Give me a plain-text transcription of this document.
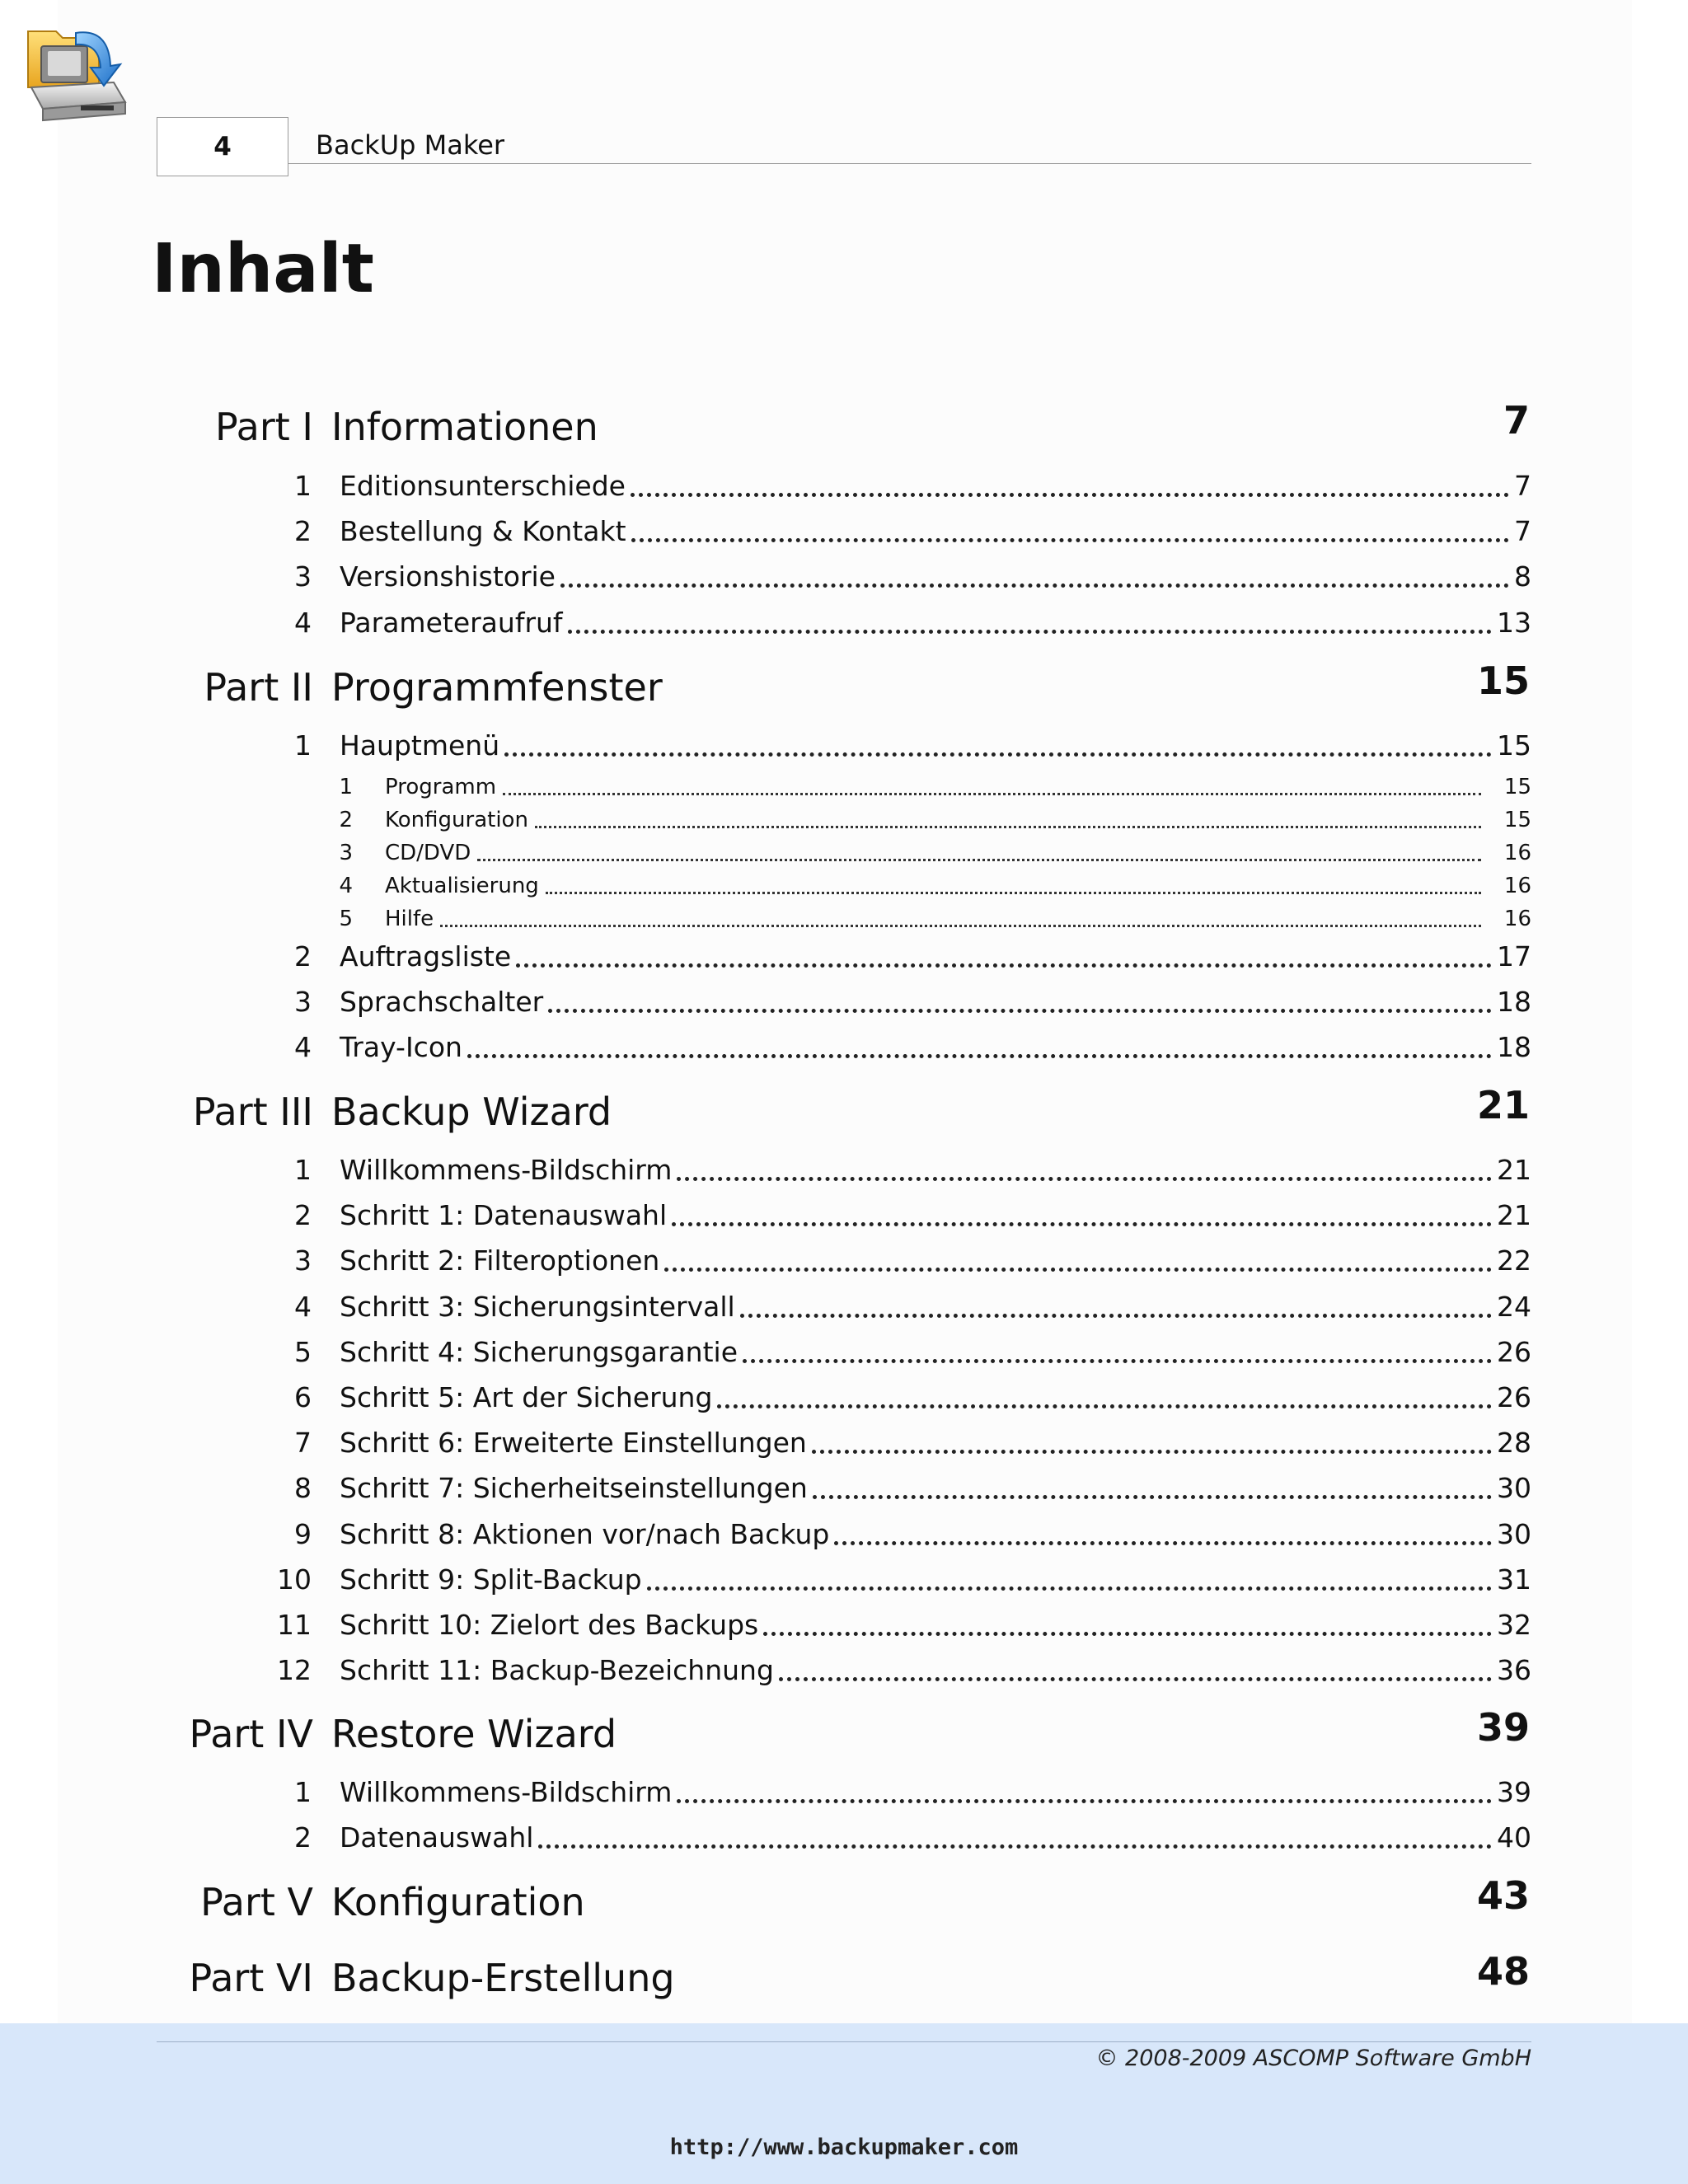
4	BackUp Maker
Inhalt
Part I Informationen	7
1 Editionsunterschiede	7
2 Bestellung & Kontakt	7
3 Versionshistorie	8
4 Parameteraufruf	13
Part II Programmfenster	15
1 Hauptmenü	15
1 Programm	15
2 Konfiguration	15
3 CD/DVD	16
4 Aktualisierung	16
5 Hilfe	16
2 Auftragsliste	17
3 Sprachschalter	18
4 Tray-Icon	18
Part III Backup Wizard	21
1 Willkommens-Bildschirm	21
2 Schritt 1: Datenauswahl	21
3 Schritt 2: Filteroptionen	22
4 Schritt 3: Sicherungsintervall	24
5 Schritt 4: Sicherungsgarantie	26
6 Schritt 5: Art der Sicherung	26
7 Schritt 6: Erweiterte Einstellungen	28
8 Schritt 7: Sicherheitseinstellungen	30
9 Schritt 8: Aktionen vor/nach Backup	30
10 Schritt 9: Split-Backup	31
11 Schritt 10: Zielort des Backups	32
12 Schritt 11: Backup-Bezeichnung	36
Part IV Restore Wizard	39
1 Willkommens-Bildschirm	39
2 Datenauswahl	40
Part V Konfiguration	43
Part VI Backup-Erstellung	48
© 2008-2009 ASCOMP Software GmbH
http://www.backupmaker.com
